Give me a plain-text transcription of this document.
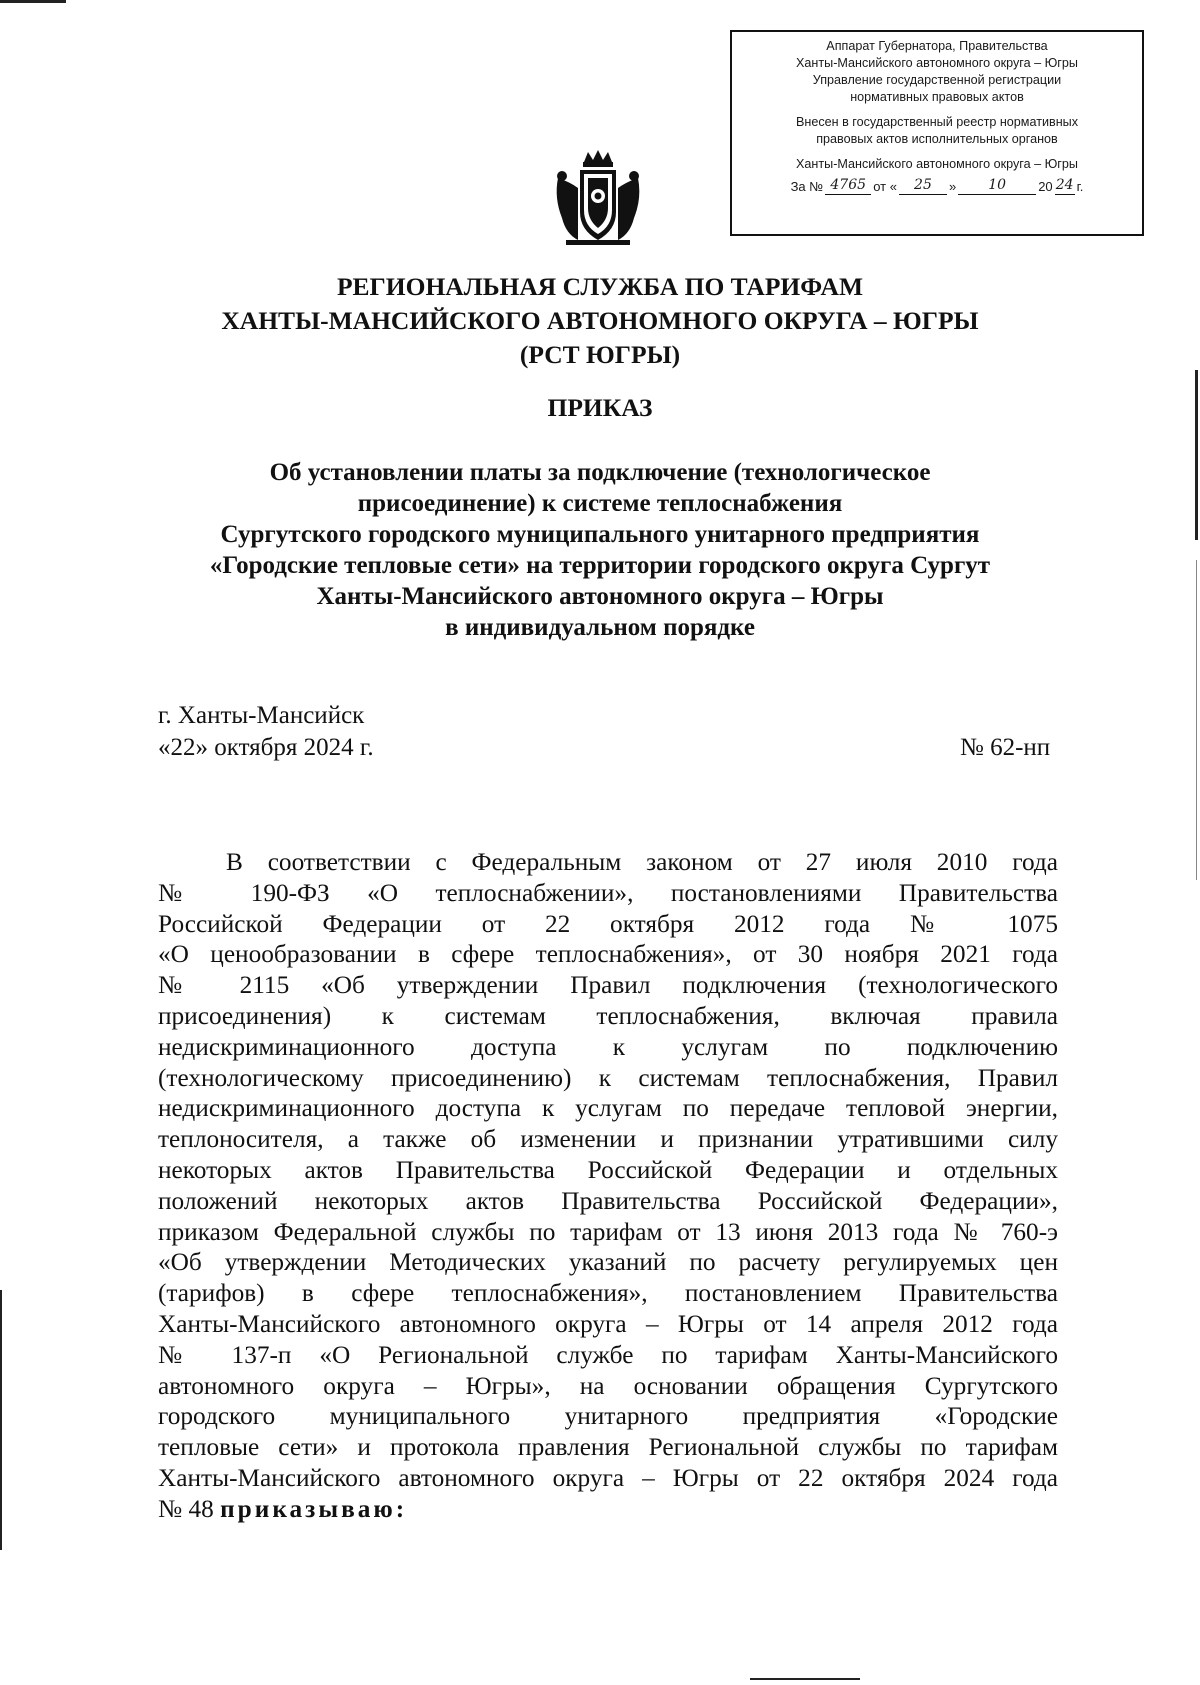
Аппарат Губернатора, Правительства
Ханты-Мансийского автономного округа – Югры
Управление государственной регистрации
нормативных правовых актов
Внесен в государственный реестр нормативных
правовых актов исполнительных органов
Ханты-Мансийского автономного округа – Югры
За № 4765 от «	25	»	10	20 24 г.
РЕГИОНАЛЬНАЯ СЛУЖБА ПО ТАРИФАМ
ХАНТЫ-МАНСИЙСКОГО АВТОНОМНОГО ОКРУГА – ЮГРЫ
(РСТ ЮГРЫ)
ПРИКАЗ
Об установлении платы за подключение (технологическое
присоединение) к системе теплоснабжения
Сургутского городского муниципального унитарного предприятия
«Городские тепловые сети» на территории городского округа Сургут
Ханты-Мансийского автономного округа – Югры
в индивидуальном порядке
г. Ханты-Мансийск
«22» октября 2024 г.	№ 62-нп
В соответствии с Федеральным законом от 27 июля 2010 года
№ 190-ФЗ «О теплоснабжении», постановлениями Правительства
Российской Федерации от 22 октября 2012 года № 1075
«О ценообразовании в сфере теплоснабжения», от 30 ноября 2021 года
№ 2115 «Об утверждении Правил подключения (технологического
присоединения) к системам теплоснабжения, включая правила
недискриминационного доступа к услугам по подключению
(технологическому присоединению) к системам теплоснабжения, Правил
недискриминационного доступа к услугам по передаче тепловой энергии,
теплоносителя, а также об изменении и признании утратившими силу
некоторых актов Правительства Российской Федерации и отдельных
положений некоторых актов Правительства Российской Федерации»,
приказом Федеральной службы по тарифам от 13 июня 2013 года № 760-э
«Об утверждении Методических указаний по расчету регулируемых цен
(тарифов) в сфере теплоснабжения», постановлением Правительства
Ханты-Мансийского автономного округа – Югры от 14 апреля 2012 года
№ 137-п «О Региональной службе по тарифам Ханты-Мансийского
автономного округа – Югры», на основании обращения Сургутского
городского муниципального унитарного предприятия «Городские
тепловые сети» и протокола правления Региональной службы по тарифам
Ханты-Мансийского автономного округа – Югры от 22 октября 2024 года
№ 48 приказываю:
